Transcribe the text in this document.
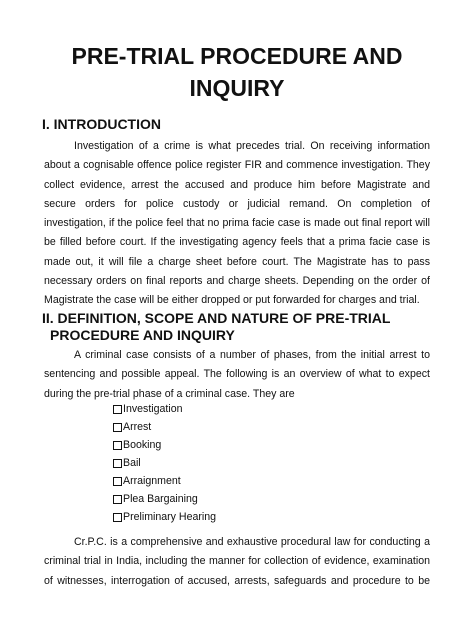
PRE-TRIAL PROCEDURE AND
INQUIRY
I. INTRODUCTION
Investigation of a crime is what precedes trial. On receiving information
about a cognisable offence police register FIR and commence investigation. They
collect evidence, arrest the accused and produce him before Magistrate and
secure orders for police custody or judicial remand. On completion of
investigation, if the police feel that no prima facie case is made out final report will
be filled before court. If the investigating agency feels that a prima facie case is
made out, it will file a charge sheet before court. The Magistrate has to pass
necessary orders on final reports and charge sheets. Depending on the order of
Magistrate the case will be either dropped or put forwarded for charges and trial.
II. DEFINITION, SCOPE AND NATURE OF PRE-TRIAL
PROCEDURE AND INQUIRY
A criminal case consists of a number of phases, from the initial arrest to
sentencing and possible appeal. The following is an overview of what to expect
during the pre-trial phase of a criminal case. They are
Investigation
Arrest
Booking
Bail
Arraignment
Plea Bargaining
Preliminary Hearing
Cr.P.C. is a comprehensive and exhaustive procedural law for conducting a
criminal trial in India, including the manner for collection of evidence, examination
of witnesses, interrogation of accused, arrests, safeguards and procedure to be
